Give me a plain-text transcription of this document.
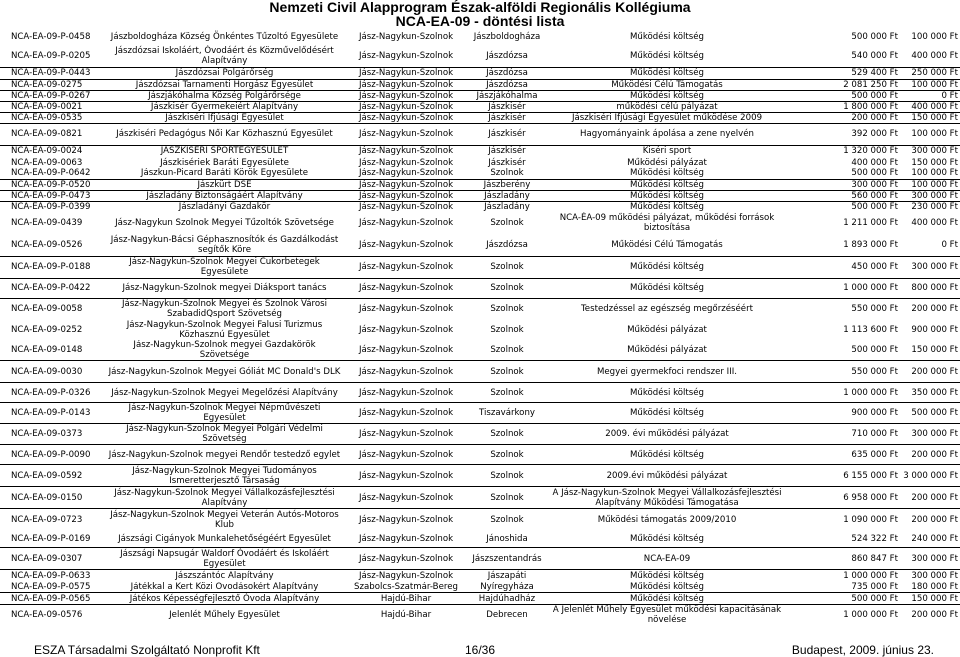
Nemzeti Civil Alapprogram Észak-alföldi Regionális Kollégiuma
NCA-EA-09 - döntési lista
NCA-EA-09-P-0458	Jászboldogháza Község Önkéntes Tűzoltó Egyesülete	Jász-Nagykun-Szolnok	Jászboldogháza	Működési költség	500 000 Ft	100 000 Ft
NCA-EA-09-P-0205	Jászdózsai Iskoláért, Óvodáért és Közművelődésért Alapítvány	Jász-Nagykun-Szolnok	Jászdózsa	Működési költség	540 000 Ft	400 000 Ft
NCA-EA-09-P-0443	Jászdózsai Polgárőrség	Jász-Nagykun-Szolnok	Jászdózsa	Működési költség	529 400 Ft	250 000 Ft
NCA-EA-09-0275	Jászdózsai Tarnamenti Horgász Egyesület	Jász-Nagykun-Szolnok	Jászdózsa	Működési Célú Támogatás	2 081 250 Ft	100 000 Ft
NCA-EA-09-P-0267	Jászjákóhalma Község Polgárőrsége	Jász-Nagykun-Szolnok	Jászjákóhalma	Működési költség	500 000 Ft	0 Ft
NCA-EA-09-0021	Jászkisér Gyermekeiért Alapítvány	Jász-Nagykun-Szolnok	Jászkisér	működési célú pályázat	1 800 000 Ft	400 000 Ft
NCA-EA-09-0535	Jászkiséri Ifjúsági Egyesület	Jász-Nagykun-Szolnok	Jászkisér	Jászkiséri Ifjúsági Egyesület működése 2009	200 000 Ft	150 000 Ft
NCA-EA-09-0821	Jászkiséri Pedagógus Női Kar Közhasznú Egyesület	Jász-Nagykun-Szolnok	Jászkisér	Hagyományaink ápolása a zene nyelvén	392 000 Ft	100 000 Ft
NCA-EA-09-0024	JÁSZKISÉRI SPORTEGYESÜLET	Jász-Nagykun-Szolnok	Jászkisér	Kiséri sport	1 320 000 Ft	300 000 Ft
NCA-EA-09-0063	Jászkisériek Baráti Egyesülete	Jász-Nagykun-Szolnok	Jászkisér	Működési pályázat	400 000 Ft	150 000 Ft
NCA-EA-09-P-0642	Jászkun-Picard Baráti Körök Egyesülete	Jász-Nagykun-Szolnok	Szolnok	Működési költség	500 000 Ft	100 000 Ft
NCA-EA-09-P-0520	Jászkürt DSE	Jász-Nagykun-Szolnok	Jászberény	Működési költség	300 000 Ft	100 000 Ft
NCA-EA-09-P-0473	Jászladány Biztonságáért Alapítvány	Jász-Nagykun-Szolnok	Jászladány	Működési költség	560 000 Ft	300 000 Ft
NCA-EA-09-P-0399	Jászladányi Gazdakör	Jász-Nagykun-Szolnok	Jászladány	Működési költség	500 000 Ft	230 000 Ft
NCA-EA-09-0439	Jász-Nagykun Szolnok Megyei Tűzoltók Szövetsége	Jász-Nagykun-Szolnok	Szolnok	NCA-ÉA-09 működési pályázat, működési források biztosítása	1 211 000 Ft	400 000 Ft
NCA-EA-09-0526	Jász-Nagykun-Bácsi Géphasznosítók és Gazdálkodást segítők Köre	Jász-Nagykun-Szolnok	Jászdózsa	Működési Célú Támogatás	1 893 000 Ft	0 Ft
NCA-EA-09-P-0188	Jász-Nagykun-Szolnok Megyei Cukorbetegek Egyesülete	Jász-Nagykun-Szolnok	Szolnok	Működési költség	450 000 Ft	300 000 Ft
NCA-EA-09-P-0422	Jász-Nagykun-Szolnok megyei Diáksport tanács	Jász-Nagykun-Szolnok	Szolnok	Működési költség	1 000 000 Ft	800 000 Ft
NCA-EA-09-0058	Jász-Nagykun-Szolnok Megyei és Szolnok Városi SzabadidQsport Szövetség	Jász-Nagykun-Szolnok	Szolnok	Testedzéssel az egészség megőrzéséért	550 000 Ft	200 000 Ft
NCA-EA-09-0252	Jász-Nagykun-Szolnok Megyei Falusi Turizmus Közhasznú Egyesület	Jász-Nagykun-Szolnok	Szolnok	Működési pályázat	1 113 600 Ft	900 000 Ft
NCA-EA-09-0148	Jász-Nagykun-Szolnok megyei Gazdakörök Szövetsége	Jász-Nagykun-Szolnok	Szolnok	Működési pályázat	500 000 Ft	150 000 Ft
NCA-EA-09-0030	Jász-Nagykun-Szolnok Megyei Góliát MC Donald's DLK	Jász-Nagykun-Szolnok	Szolnok	Megyei gyermekfoci rendszer III.	550 000 Ft	200 000 Ft
NCA-EA-09-P-0326	Jász-Nagykun-Szolnok Megyei Megelőzési Alapítvány	Jász-Nagykun-Szolnok	Szolnok	Működési költség	1 000 000 Ft	350 000 Ft
NCA-EA-09-P-0143	Jász-Nagykun-Szolnok Megyei Népművészeti Egyesület	Jász-Nagykun-Szolnok	Tiszavárkony	Működési költség	900 000 Ft	500 000 Ft
NCA-EA-09-0373	Jász-Nagykun-Szolnok Megyei Polgári Védelmi Szövetség	Jász-Nagykun-Szolnok	Szolnok	2009. évi működési pályázat	710 000 Ft	300 000 Ft
NCA-EA-09-P-0090	Jász-Nagykun-Szolnok megyei Rendőr testedző egylet	Jász-Nagykun-Szolnok	Szolnok	Működési költség	635 000 Ft	200 000 Ft
NCA-EA-09-0592	Jász-Nagykun-Szolnok Megyei Tudományos Ismeretterjesztő Társaság	Jász-Nagykun-Szolnok	Szolnok	2009.évi működési pályázat	6 155 000 Ft	3 000 000 Ft
NCA-EA-09-0150	Jász-Nagykun-Szolnok Megyei Vállalkozásfejlesztési Alapítvány	Jász-Nagykun-Szolnok	Szolnok	A Jász-Nagykun-Szolnok Megyei Vállalkozásfejlesztési Alapítvány Működési Támogatása	6 958 000 Ft	200 000 Ft
NCA-EA-09-0723	Jász-Nagykun-Szolnok Megyei Veterán Autós-Motoros Klub	Jász-Nagykun-Szolnok	Szolnok	Működési támogatás 2009/2010	1 090 000 Ft	200 000 Ft
NCA-EA-09-P-0169	Jászsági Cigányok Munkalehetőségéért Egyesület	Jász-Nagykun-Szolnok	Jánoshida	Működési költség	524 322 Ft	240 000 Ft
NCA-EA-09-0307	Jászsági Napsugár Waldorf Óvodáért és Iskoláért Egyesület	Jász-Nagykun-Szolnok	Jászszentandrás	NCA-EA-09	860 847 Ft	300 000 Ft
NCA-EA-09-P-0633	Jászszántóc Alapítvány	Jász-Nagykun-Szolnok	Jászapáti	Működési költség	1 000 000 Ft	300 000 Ft
NCA-EA-09-P-0575	Játékkal a Kert Közi Óvodásokért Alapítvány	Szabolcs-Szatmár-Bereg	Nyíregyháza	Működési költség	735 000 Ft	180 000 Ft
NCA-EA-09-P-0565	Játékos Képességfejlesztő Óvoda Alapítvány	Hajdú-Bihar	Hajdúhadház	Működési költség	500 000 Ft	150 000 Ft
NCA-EA-09-0576	Jelenlét Műhely Egyesület	Hajdú-Bihar	Debrecen	A Jelenlét Műhely Egyesület működési kapacitásának növelése	1 000 000 Ft	200 000 Ft
ESZA Társadalmi Szolgáltató Nonprofit Kft	16/36	Budapest, 2009. június 23.
